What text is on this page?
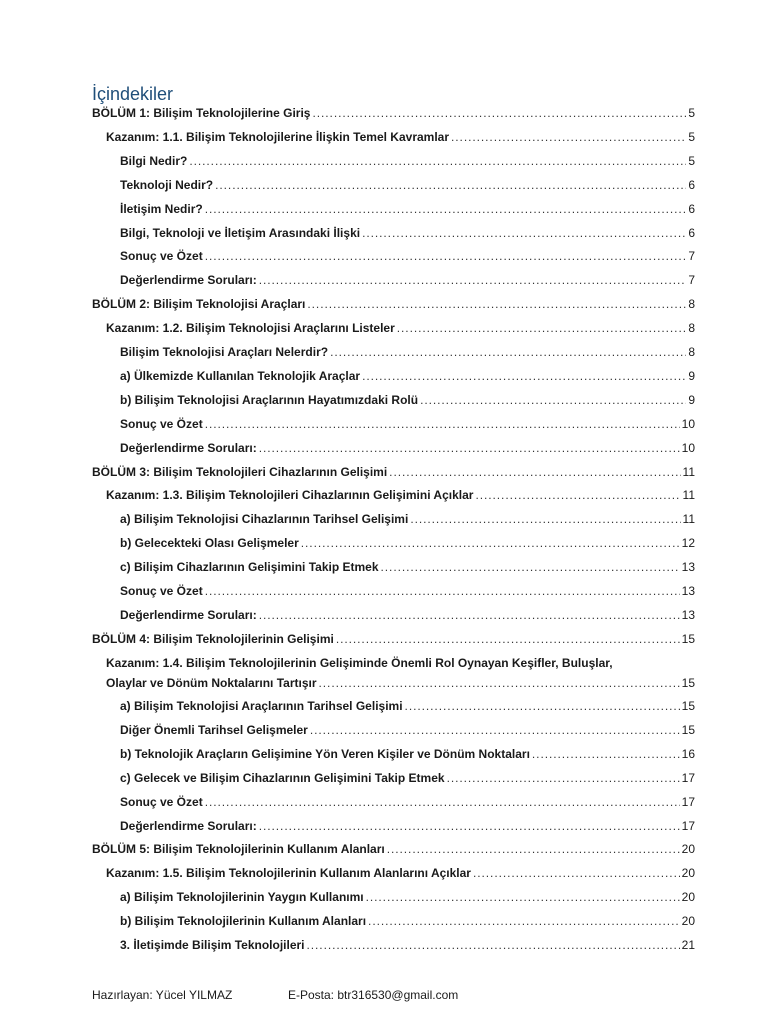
İçindekiler
BÖLÜM 1: Bilişim Teknolojilerine Giriş . . .	5
Kazanım: 1.1. Bilişim Teknolojilerine İlişkin Temel Kavramlar . . .	5
Bilgi Nedir? . . .	5
Teknoloji Nedir? . . .	6
İletişim Nedir? . . .	6
Bilgi, Teknoloji ve İletişim Arasındaki İlişki . . .	6
Sonuç ve Özet . . .	7
Değerlendirme Soruları: . . .	7
BÖLÜM 2: Bilişim Teknolojisi Araçları . . .	8
Kazanım: 1.2. Bilişim Teknolojisi Araçlarını Listeler . . .	8
Bilişim Teknolojisi Araçları Nelerdir? . . .	8
a) Ülkemizde Kullanılan Teknolojik Araçlar . . .	9
b) Bilişim Teknolojisi Araçlarının Hayatımızdaki Rolü . . .	9
Sonuç ve Özet . . .	10
Değerlendirme Soruları: . . .	10
BÖLÜM 3: Bilişim Teknolojileri Cihazlarının Gelişimi . . .	11
Kazanım: 1.3. Bilişim Teknolojileri Cihazlarının Gelişimini Açıklar . . .	11
a) Bilişim Teknolojisi Cihazlarının Tarihsel Gelişimi . . .	11
b) Gelecekteki Olası Gelişmeler . . .	12
c) Bilişim Cihazlarının Gelişimini Takip Etmek . . .	13
Sonuç ve Özet . . .	13
Değerlendirme Soruları: . . .	13
BÖLÜM 4: Bilişim Teknolojilerinin Gelişimi . . .	15
Kazanım: 1.4. Bilişim Teknolojilerinin Gelişiminde Önemli Rol Oynayan Keşifler, Buluşlar,
Olaylar ve Dönüm Noktalarını Tartışır . . .	15
a) Bilişim Teknolojisi Araçlarının Tarihsel Gelişimi . . .	15
Diğer Önemli Tarihsel Gelişmeler . . .	15
b) Teknolojik Araçların Gelişimine Yön Veren Kişiler ve Dönüm Noktaları . . .	16
c) Gelecek ve Bilişim Cihazlarının Gelişimini Takip Etmek . . .	17
Sonuç ve Özet . . .	17
Değerlendirme Soruları: . . .	17
BÖLÜM 5: Bilişim Teknolojilerinin Kullanım Alanları . . .	20
Kazanım: 1.5. Bilişim Teknolojilerinin Kullanım Alanlarını Açıklar . . .	20
a) Bilişim Teknolojilerinin Yaygın Kullanımı . . .	20
b) Bilişim Teknolojilerinin Kullanım Alanları . . .	20
3. İletişimde Bilişim Teknolojileri . . .	21
Hazırlayan: Yücel YILMAZ	E-Posta: btr316530@gmail.com
